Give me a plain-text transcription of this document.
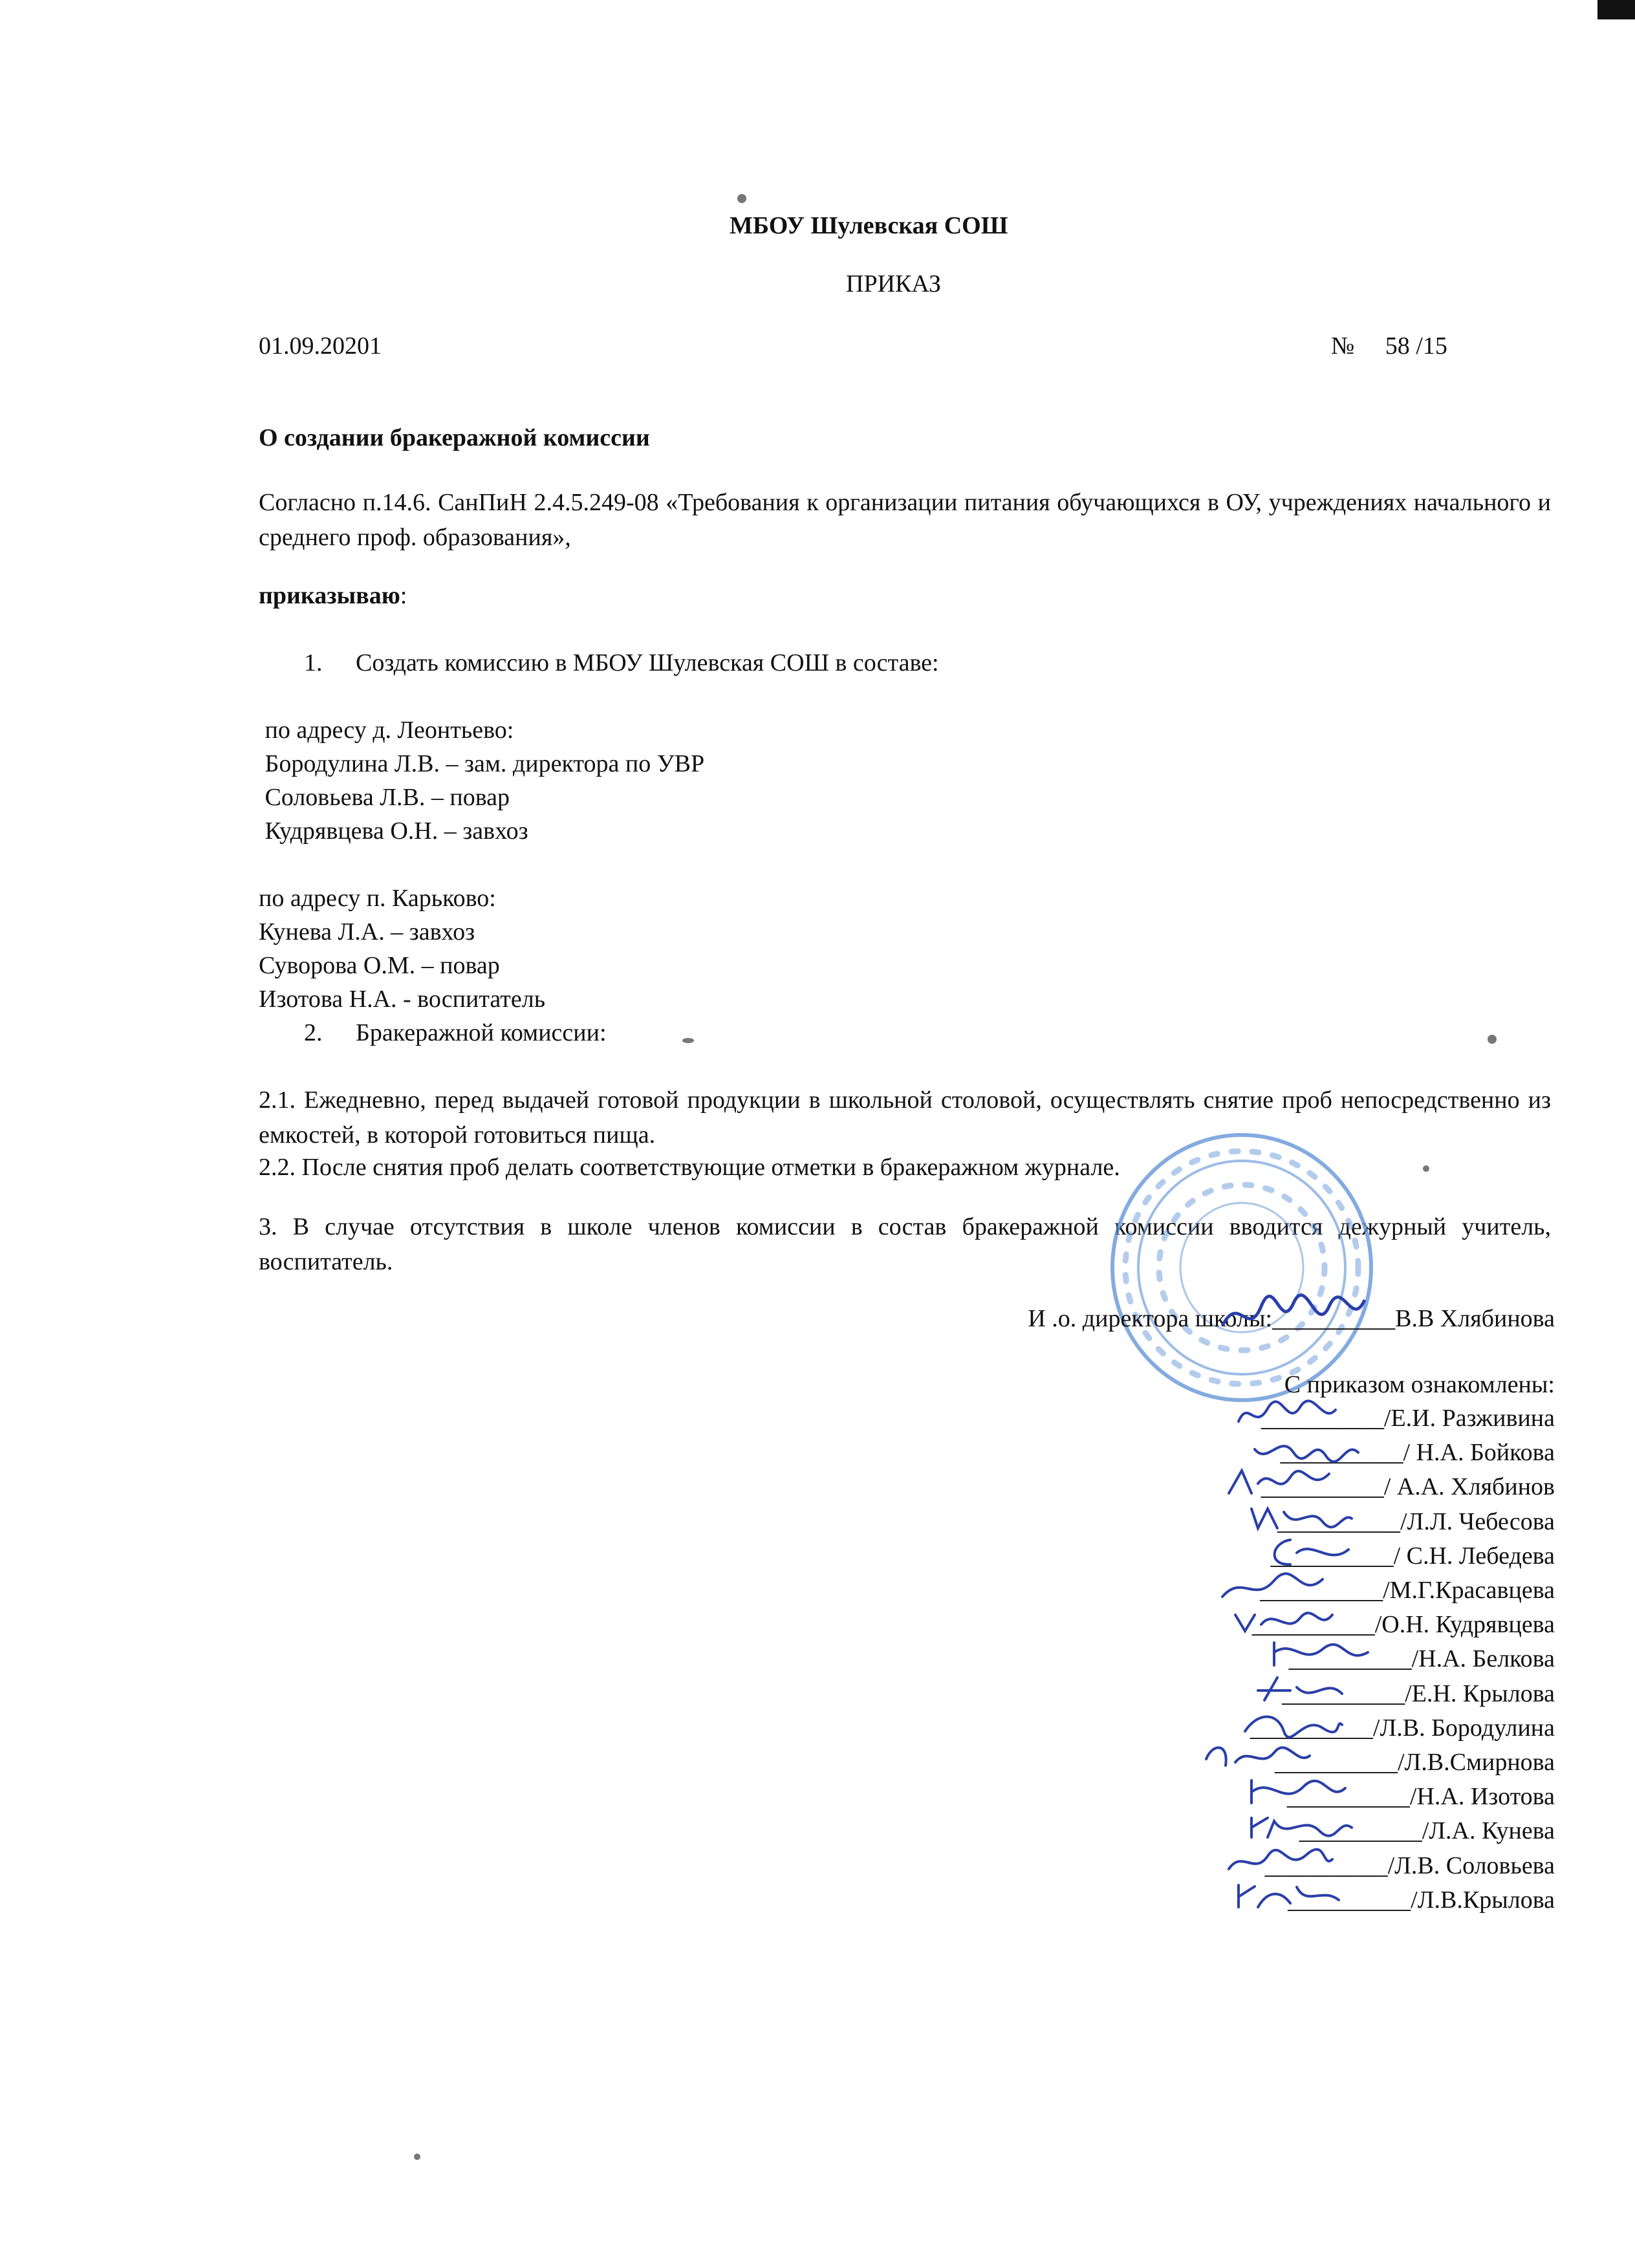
МБОУ Шулевская СОШ
ПРИКАЗ
01.09.20201	№     58 /15
О создании бракеражной комиссии
Согласно п.14.6. СанПиН 2.4.5.249-08 «Требования к организации питания обучающихся в ОУ, учреждениях начального и среднего проф. образования»,
приказываю:
1. Создать комиссию в МБОУ Шулевская СОШ в составе:
по адресу д. Леонтьево:
Бородулина Л.В. – зам. директора по УВР
Соловьева Л.В. – повар
Кудрявцева О.Н. – завхоз
по адресу п. Карьково:
Кунева Л.А. – завхоз
Суворова О.М. – повар
Изотова Н.А. - воспитатель
2. Бракеражной комиссии:
2.1. Ежедневно, перед выдачей готовой продукции в школьной столовой, осуществлять снятие проб непосредственно из емкостей, в которой готовиться пища.
2.2. После снятия проб делать соответствующие отметки в бракеражном журнале.
3. В случае отсутствия в школе членов комиссии в состав бракеражной комиссии вводится дежурный учитель, воспитатель.
И .о. директора школы:__________В.В Хлябинова
С приказом ознакомлены:
__________/Е.И. Разживина
__________/ Н.А. Бойкова
__________/ А.А. Хлябинов
__________/Л.Л. Чебесова
__________/ С.Н. Лебедева
__________/М.Г.Красавцева
__________/О.Н. Кудрявцева
__________/Н.А. Белкова
__________/Е.Н. Крылова
__________/Л.В. Бородулина
__________/Л.В.Смирнова
__________/Н.А. Изотова
__________/Л.А. Кунева
__________/Л.В. Соловьева
__________/Л.В.Крылова
